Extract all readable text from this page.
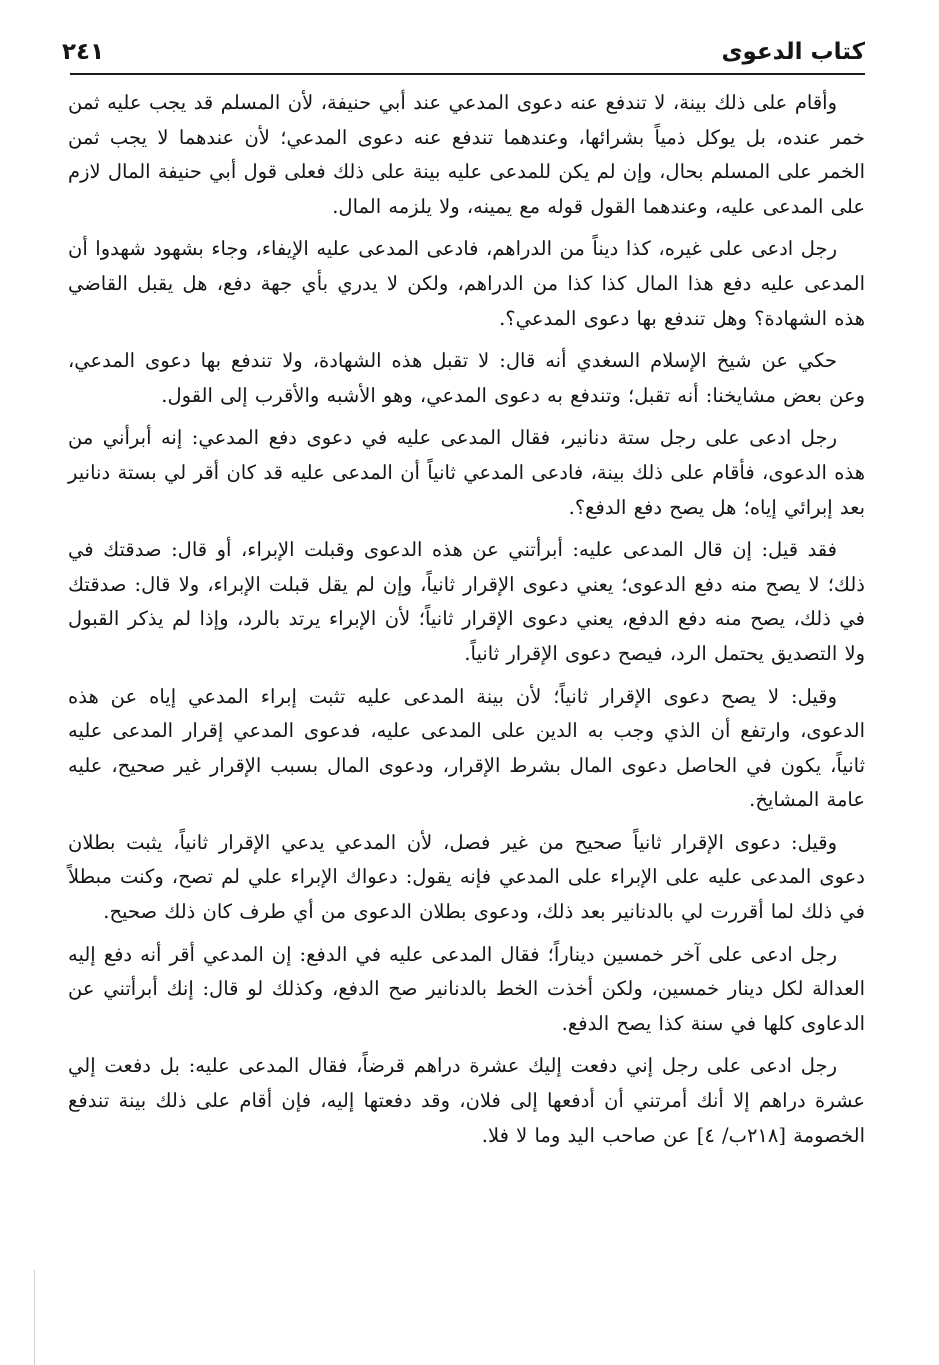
كتاب الدعوى
٢٤١

وأقام على ذلك بينة، لا تندفع عنه دعوى المدعي عند أبي حنيفة، لأن المسلم قد يجب عليه ثمن خمر عنده، بل يوكل ذمياً بشرائها، وعندهما تندفع عنه دعوى المدعي؛ لأن عندهما لا يجب ثمن الخمر على المسلم بحال، وإن لم يكن للمدعى عليه بينة على ذلك فعلى قول أبي حنيفة المال لازم على المدعى عليه، وعندهما القول قوله مع يمينه، ولا يلزمه المال.

رجل ادعى على غيره، كذا ديناً من الدراهم، فادعى المدعى عليه الإيفاء، وجاء بشهود شهدوا أن المدعى عليه دفع هذا المال كذا كذا من الدراهم، ولكن لا يدري بأي جهة دفع، هل يقبل القاضي هذه الشهادة؟ وهل تندفع بها دعوى المدعي؟.

حكي عن شيخ الإسلام السغدي أنه قال: لا تقبل هذه الشهادة، ولا تندفع بها دعوى المدعي، وعن بعض مشايخنا: أنه تقبل؛ وتندفع به دعوى المدعي، وهو الأشبه والأقرب إلى القول.

رجل ادعى على رجل ستة دنانير، فقال المدعى عليه في دعوى دفع المدعي: إنه أبرأني من هذه الدعوى، فأقام على ذلك بينة، فادعى المدعي ثانياً أن المدعى عليه قد كان أقر لي بستة دنانير بعد إبرائي إياه؛ هل يصح دفع الدفع؟.

فقد قيل: إن قال المدعى عليه: أبرأتني عن هذه الدعوى وقبلت الإبراء، أو قال: صدقتك في ذلك؛ لا يصح منه دفع الدعوى؛ يعني دعوى الإقرار ثانياً، وإن لم يقل قبلت الإبراء، ولا قال: صدقتك في ذلك، يصح منه دفع الدفع، يعني دعوى الإقرار ثانياً؛ لأن الإبراء يرتد بالرد، وإذا لم يذكر القبول ولا التصديق يحتمل الرد، فيصح دعوى الإقرار ثانياً.

وقيل: لا يصح دعوى الإقرار ثانياً؛ لأن بينة المدعى عليه تثبت إبراء المدعي إياه عن هذه الدعوى، وارتفع أن الذي وجب به الدين على المدعى عليه، فدعوى المدعي إقرار المدعى عليه ثانياً، يكون في الحاصل دعوى المال بشرط الإقرار، ودعوى المال بسبب الإقرار غير صحيح، عليه عامة المشايخ.

وقيل: دعوى الإقرار ثانياً صحيح من غير فصل، لأن المدعي يدعي الإقرار ثانياً، يثبت بطلان دعوى المدعى عليه على الإبراء على المدعي فإنه يقول: دعواك الإبراء علي لم تصح، وكنت مبطلاً في ذلك لما أقررت لي بالدنانير بعد ذلك، ودعوى بطلان الدعوى من أي طرف كان ذلك صحيح.

رجل ادعى على آخر خمسين ديناراً؛ فقال المدعى عليه في الدفع: إن المدعي أقر أنه دفع إليه العدالة لكل دينار خمسين، ولكن أخذت الخط بالدنانير صح الدفع، وكذلك لو قال: إنك أبرأتني عن الدعاوى كلها في سنة كذا يصح الدفع.

رجل ادعى على رجل إني دفعت إليك عشرة دراهم قرضاً، فقال المدعى عليه: بل دفعت إلي عشرة دراهم إلا أنك أمرتني أن أدفعها إلى فلان، وقد دفعتها إليه، فإن أقام على ذلك بينة تندفع الخصومة [٢١٨ب/ ٤] عن صاحب اليد وما لا فلا.
